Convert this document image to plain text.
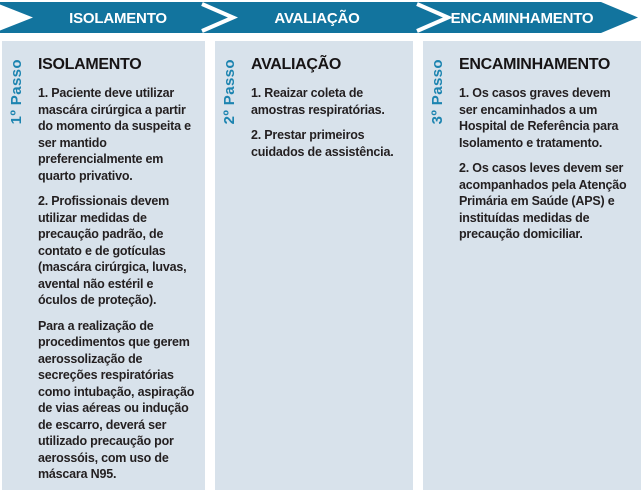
ISOLAMENTO	AVALIAÇÃO	ENCAMINHAMENTO
1º Passo ISOLAMENTO

1. Paciente deve utilizar mascára cirúrgica a partir do momento da suspeita e ser mantido preferencialmente em quarto privativo.

2. Profissionais devem utilizar medidas de precaução padrão, de contato e de gotículas (mascára cirúrgica, luvas, avental não estéril e óculos de proteção).

Para a realização de procedimentos que gerem aerossolização de secreções respiratórias como intubação, aspiração de vias aéreas ou indução de escarro, deverá ser utilizado precaução por aerossóis, com uso de máscara N95.

2º Passo AVALIAÇÃO

1. Reaizar coleta de amostras respiratórias.

2. Prestar primeiros cuidados de assistência.

3º Passo ENCAMINHAMENTO

1. Os casos graves devem ser encaminhados a um Hospital de Referência para Isolamento e tratamento.

2. Os casos leves devem ser acompanhados pela Atenção Primária em Saúde (APS) e instituídas medidas de precaução domiciliar.
